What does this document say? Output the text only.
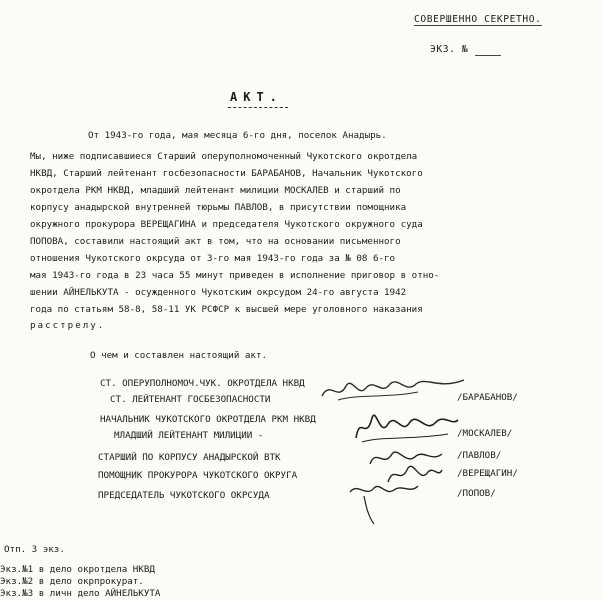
СОВЕРШЕННО СЕКРЕТНО.
ЭКЗ. №
АКТ.
От 1943-го года, мая месяца 6-го дня, поселок Анадырь.
Мы, ниже подписавшиеся Старший оперуполномоченный Чукотского окротдела
НКВД, Старший лейтенант госбезопасности БАРАБАНОВ, Начальник Чукотского
окротдела РКМ НКВД, младший лейтенант милиции МОСКАЛЕВ и старший по
корпусу анадырской внутренней тюрьмы ПАВЛОВ, в присутствии помощника
окружного прокурора ВЕРЕЩАГИНА и председателя Чукотского окружного суда
ПОПОВА, составили настоящий акт в том, что на основании письменного
отношения Чукотского окрсуда от 3-го мая 1943-го года за № 08 6-го
мая 1943-го года в 23 часа 55 минут приведен в исполнение приговор в отно-
шении АЙНЕЛЬКУТА - осужденного Чукотским окрсудом 24-го августа 1942
года по статьям 58-8, 58-11 УК РСФСР к высшей мере уголовного наказания
расстрелу.
О чем и составлен настоящий акт.
СТ. ОПЕРУПОЛНОМОЧ.ЧУК. ОКРОТДЕЛА НКВД
СТ. ЛЕЙТЕНАНТ ГОСБЕЗОПАСНОСТИ	/БАРАБАНОВ/
НАЧАЛЬНИК ЧУКОТСКОГО ОКРОТДЕЛА РКМ НКВД
МЛАДШИЙ ЛЕЙТЕНАНТ МИЛИЦИИ -	/МОСКАЛЕВ/
СТАРШИЙ ПО КОРПУСУ АНАДЫРСКОЙ ВТК	/ПАВЛОВ/
ПОМОЩНИК ПРОКУРОРА ЧУКОТСКОГО ОКРУГА	/ВЕРЕЩАГИН/
ПРЕДСЕДАТЕЛЬ ЧУКОТСКОГО ОКРСУДА	/ПОПОВ/
Отп. 3 экз.
Экз.№1 в дело окротдела НКВД
Экз.№2 в дело окрпрокурат.
Экз.№3 в личн дело АЙНЕЛЬКУТА
